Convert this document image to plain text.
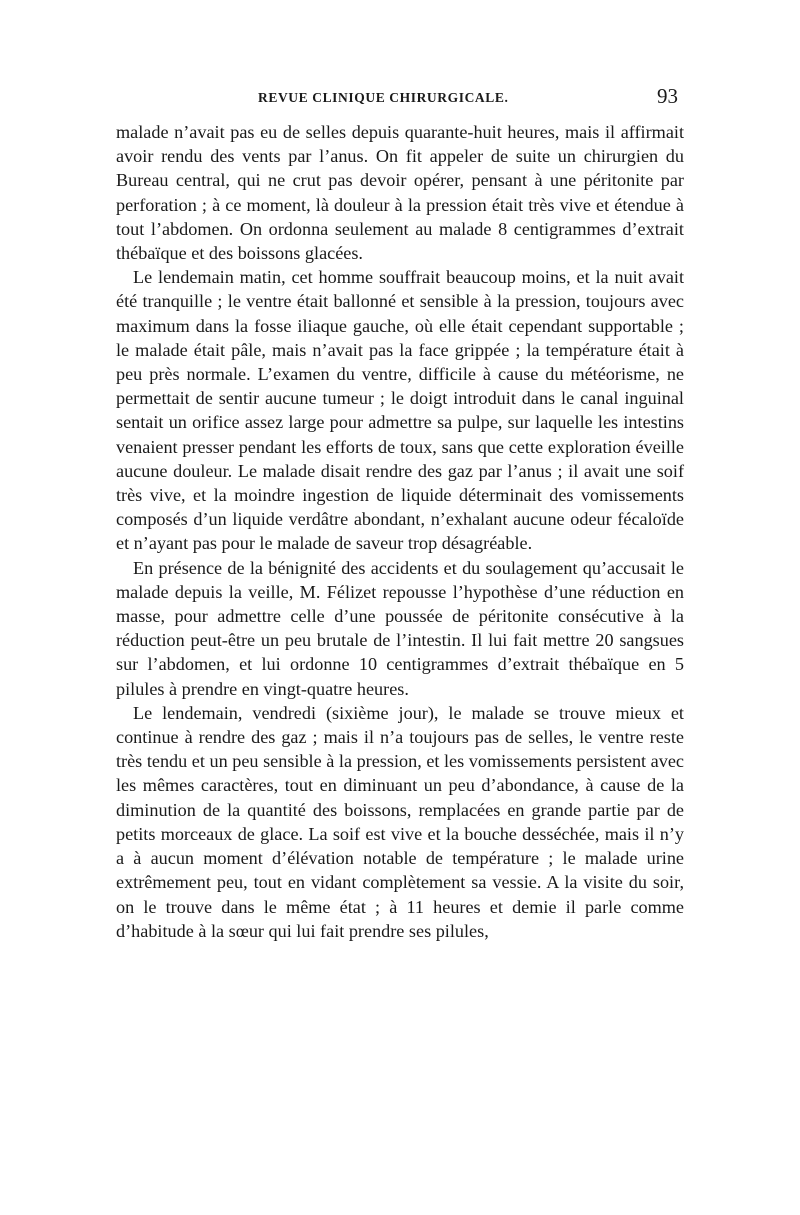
REVUE CLINIQUE CHIRURGICALE.	93

malade n’avait pas eu de selles depuis quarante-huit heures, mais il affirmait avoir rendu des vents par l’anus. On fit appeler de suite un chirurgien du Bureau central, qui ne crut pas devoir opérer, pensant à une péritonite par perforation ; à ce moment, là douleur à la pression était très vive et étendue à tout l’abdomen. On ordonna seulement au malade 8 centigrammes d’extrait thébaïque et des boissons glacées.

Le lendemain matin, cet homme souffrait beaucoup moins, et la nuit avait été tranquille ; le ventre était ballonné et sensible à la pression, toujours avec maximum dans la fosse iliaque gauche, où elle était cependant supportable ; le malade était pâle, mais n’avait pas la face grippée ; la température était à peu près normale. L’examen du ventre, difficile à cause du météorisme, ne permettait de sentir aucune tumeur ; le doigt introduit dans le canal inguinal sentait un orifice assez large pour admettre sa pulpe, sur laquelle les intestins venaient presser pendant les efforts de toux, sans que cette exploration éveille aucune douleur. Le malade disait rendre des gaz par l’anus ; il avait une soif très vive, et la moindre ingestion de liquide déterminait des vomissements composés d’un liquide verdâtre abondant, n’exhalant aucune odeur fécaloïde et n’ayant pas pour le malade de saveur trop désagréable.

En présence de la bénignité des accidents et du soulagement qu’accusait le malade depuis la veille, M. Félizet repousse l’hypothèse d’une réduction en masse, pour admettre celle d’une poussée de péritonite consécutive à la réduction peut-être un peu brutale de l’intestin. Il lui fait mettre 20 sangsues sur l’abdomen, et lui ordonne 10 centigrammes d’extrait thébaïque en 5 pilules à prendre en vingt-quatre heures.

Le lendemain, vendredi (sixième jour), le malade se trouve mieux et continue à rendre des gaz ; mais il n’a toujours pas de selles, le ventre reste très tendu et un peu sensible à la pression, et les vomissements persistent avec les mêmes caractères, tout en diminuant un peu d’abondance, à cause de la diminution de la quantité des boissons, remplacées en grande partie par de petits morceaux de glace. La soif est vive et la bouche desséchée, mais il n’y a à aucun moment d’élévation notable de température ; le malade urine extrêmement peu, tout en vidant complètement sa vessie. A la visite du soir, on le trouve dans le même état ; à 11 heures et demie il parle comme d’habitude à la sœur qui lui fait prendre ses pilules,
